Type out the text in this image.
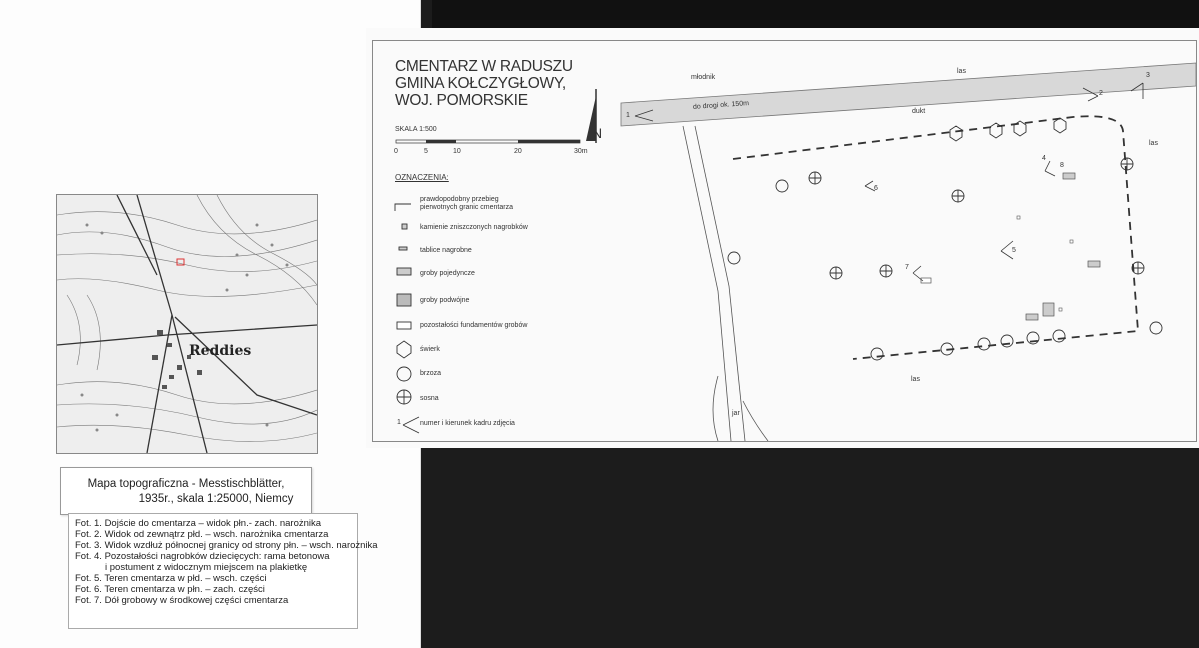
Reddies
Mapa topograficzna - Messtischblätter,
1935r., skala 1:25000, Niemcy
Fot. 1. Dojście do cmentarza – widok płn.- zach. narożnika
Fot. 2. Widok od zewnątrz płd. – wsch. narożnika cmentarza
Fot. 3. Widok wzdłuż północnej granicy od strony płn. – wsch. narożnika
Fot. 4. Pozostałości nagrobków dziecięcych: rama betonowa
i postument z widocznym miejscem na plakietkę
Fot. 5. Teren cmentarza w płd. – wsch. części
Fot. 6. Teren cmentarza w płn. – zach. części
Fot. 7. Dół grobowy w środkowej części cmentarza
CMENTARZ W RADUSZU
GMINA KOŁCZYGŁOWY,
WOJ. POMORSKIE
N
SKALA 1:500
0	5	10	20	30m
OZNACZENIA:
prawdopodobny przebieg pierwotnych granic cmentarza
kamienie zniszczonych nagrobków
tablice nagrobne
groby pojedyncze
groby podwójne
pozostałości fundamentów grobów
świerk
brzoza
sosna
numer i kierunek kadru zdjęcia
młodnik
las
las
las
dukt
do drogi ok. 150m
jar
1
2
3
4
5
6
7
8
1
